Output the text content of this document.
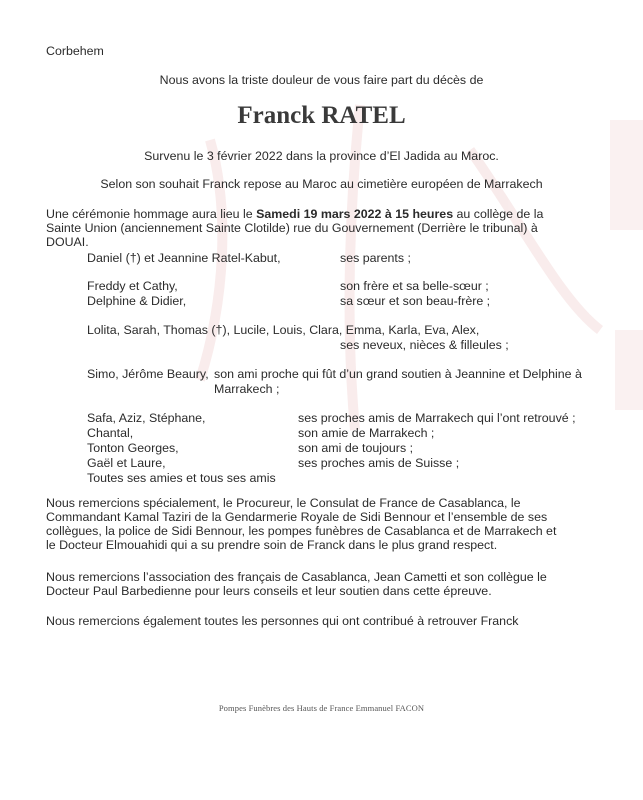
Corbehem
Nous avons la triste douleur de vous faire part du décès de
Franck RATEL
Survenu le 3 février 2022 dans la province d’El Jadida au Maroc.
Selon son souhait Franck repose au Maroc au cimetière européen de Marrakech
Une cérémonie hommage aura lieu le Samedi 19 mars 2022 à 15 heures au collège de la Sainte Union (anciennement Sainte Clotilde) rue du Gouvernement (Derrière le tribunal) à DOUAI.
Daniel (†) et Jeannine Ratel-Kabut,	ses parents ;
Freddy et Cathy,	son frère et sa belle-sœur ;
Delphine & Didier,	sa sœur et son beau-frère ;
Lolita, Sarah, Thomas (†), Lucile, Louis, Clara, Emma, Karla, Eva, Alex,
ses neveux, nièces & filleules ;
Simo, Jérôme Beaury, son ami proche qui fût d’un grand soutien à Jeannine et Delphine à
Marrakech ;
Safa, Aziz, Stéphane,	ses proches amis de Marrakech qui l’ont retrouvé ;
Chantal,	son amie de Marrakech ;
Tonton Georges,	son ami de toujours ;
Gaël et Laure,	ses proches amis de Suisse ;
Toutes ses amies et tous ses amis
Nous remercions spécialement, le Procureur, le Consulat de France de Casablanca, le Commandant Kamal Taziri de la Gendarmerie Royale de Sidi Bennour et l’ensemble de ses collègues, la police de Sidi Bennour, les pompes funèbres de Casablanca et de Marrakech et le Docteur Elmouahidi qui a su prendre soin de Franck dans le plus grand respect.
Nous remercions l’association des français de Casablanca, Jean Cametti et son collègue le Docteur Paul Barbedienne pour leurs conseils et leur soutien dans cette épreuve.
Nous remercions également toutes les personnes qui ont contribué à retrouver Franck
Pompes Funèbres des Hauts de France Emmanuel FACON
